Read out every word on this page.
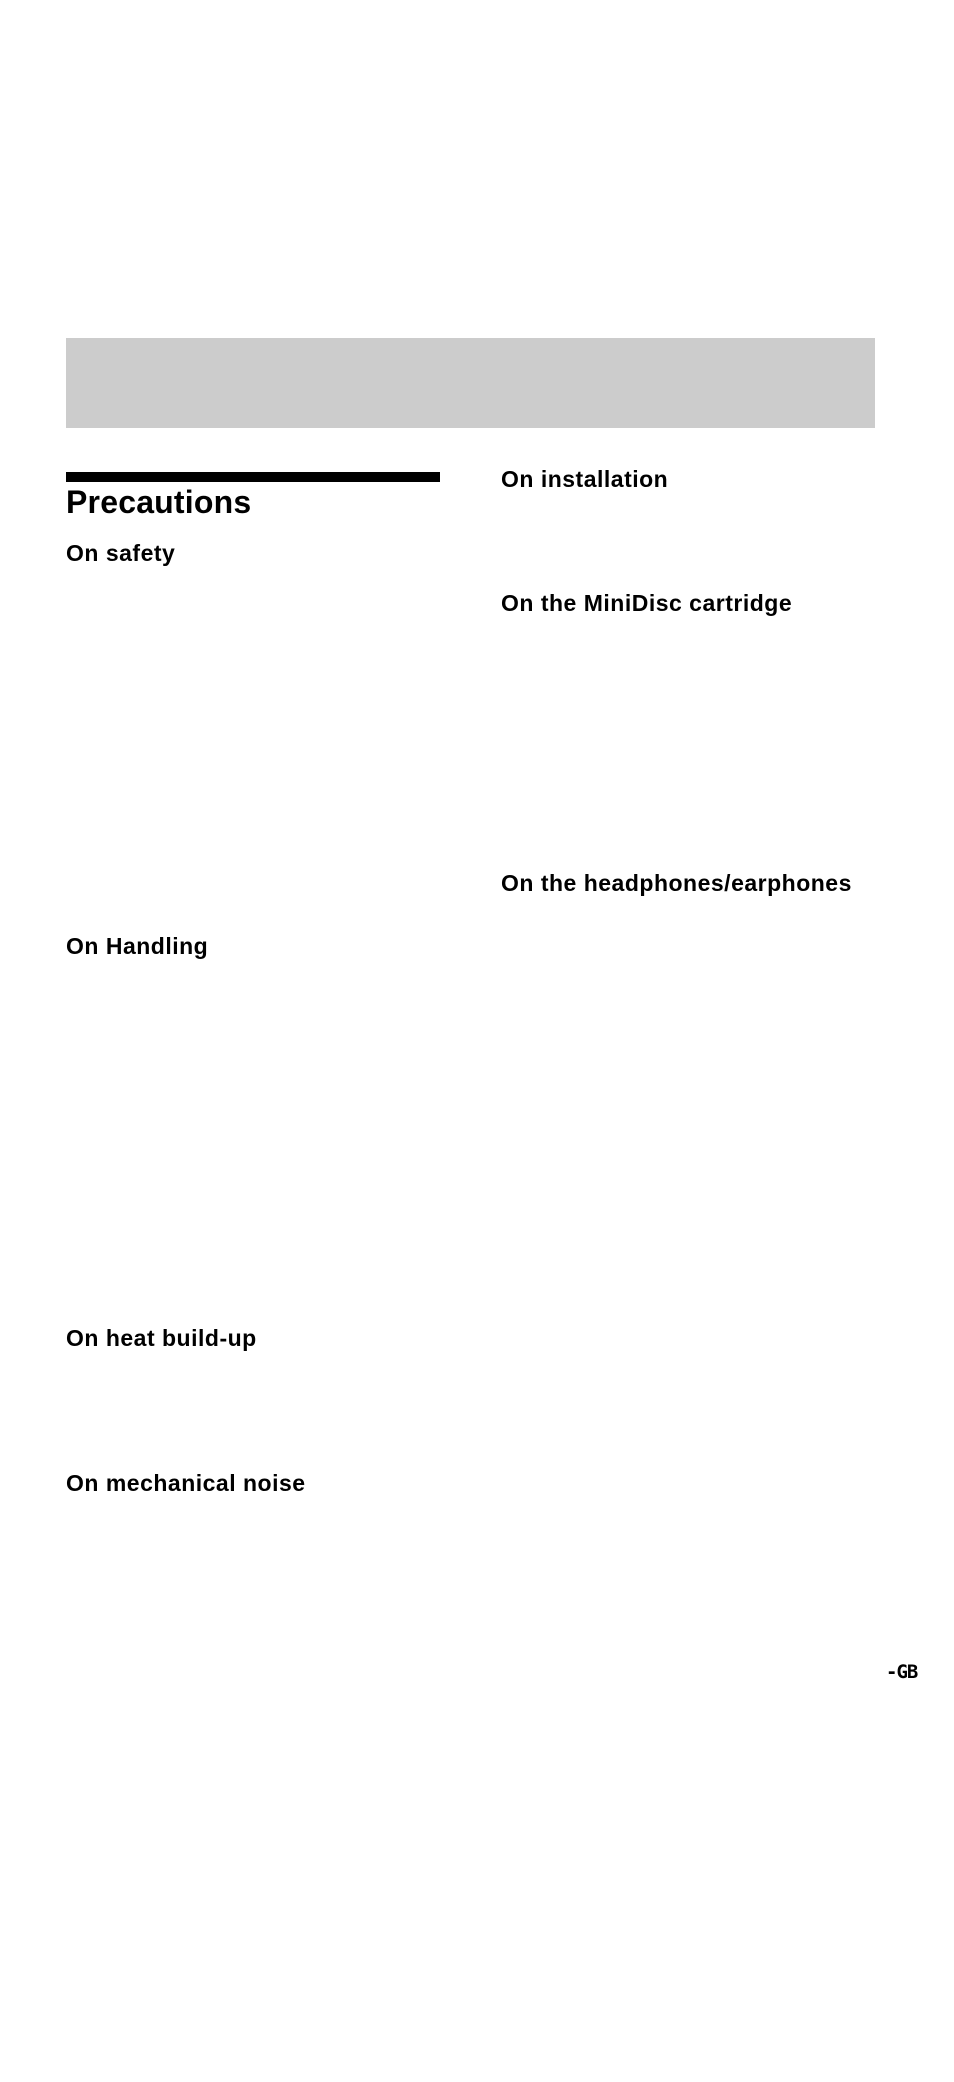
Precautions
On safety
On Handling
On heat build-up
On mechanical noise
On installation
On the MiniDisc cartridge
On the headphones/earphones
-GB
